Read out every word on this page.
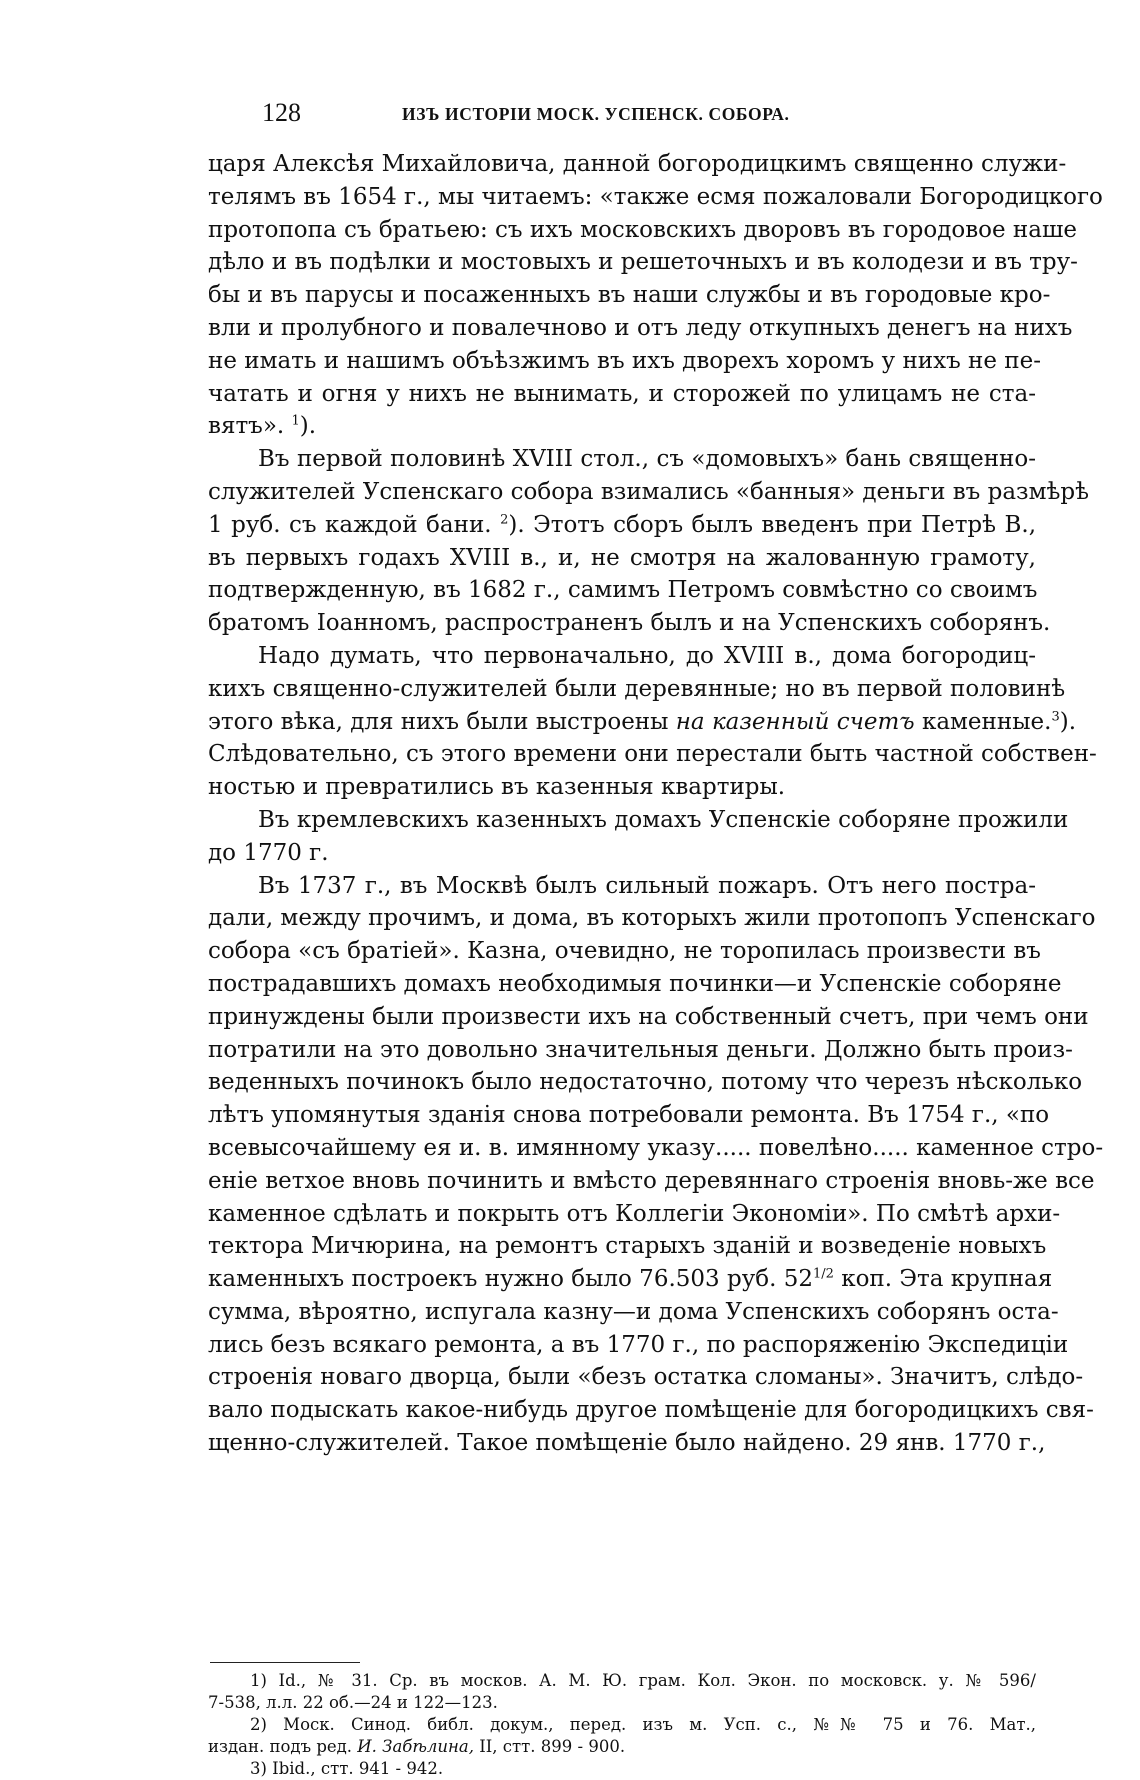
128	ИЗЪ ИСТОРІИ МОСК. УСПЕНСК. СОБОРА.
царя Алексѣя Михайловича, данной богородицкимъ священно служи-
телямъ въ 1654 г., мы читаемъ: «также есмя пожаловали Богородицкого
протопопа съ братьею: съ ихъ московскихъ дворовъ въ городовое наше
дѣло и въ подѣлки и мостовыхъ и решеточныхъ и въ колодези и въ тру-
бы и въ парусы и посаженныхъ въ наши службы и въ городовые кро-
вли и пролубного и повалечново и отъ леду откупныхъ денегъ на нихъ
не имать и нашимъ объѣзжимъ въ ихъ дворехъ хоромъ у нихъ не пе-
чатать и огня у нихъ не вынимать, и сторожей по улицамъ не ста-
вятъ». $^1$).
Въ первой половинѣ XVIII стол., съ «домовыхъ» бань священно-
служителей Успенскаго собора взимались «банныя» деньги въ размѣрѣ
1 руб. съ каждой бани. $^2$). Этотъ сборъ былъ введенъ при Петрѣ В.,
въ первыхъ годахъ XVIII в., и, не смотря на жалованную грамоту,
подтвержденную, въ 1682 г., самимъ Петромъ совмѣстно со своимъ
братомъ Іоанномъ, распространенъ былъ и на Успенскихъ соборянъ.
Надо думать, что первоначально, до XVIII в., дома богородиц-
кихъ священно-служителей были деревянные; но въ первой половинѣ
этого вѣка, для нихъ были выстроены на казенный счетъ каменные.$^3$).
Слѣдовательно, съ этого времени они перестали быть частной собствен-
ностью и превратились въ казенныя квартиры.
Въ кремлевскихъ казенныхъ домахъ Успенскіе соборяне прожили
до 1770 г.
Въ 1737 г., въ Москвѣ былъ сильный пожаръ. Отъ него постра-
дали, между прочимъ, и дома, въ которыхъ жили протопопъ Успенскаго
собора «съ братіей». Казна, очевидно, не торопилась произвести въ
пострадавшихъ домахъ необходимыя починки—и Успенскіе соборяне
принуждены были произвести ихъ на собственный счетъ, при чемъ они
потратили на это довольно значительныя деньги. Должно быть произ-
веденныхъ починокъ было недостаточно, потому что черезъ нѣсколько
лѣтъ упомянутыя зданія снова потребовали ремонта. Въ 1754 г., «по
всевысочайшему ея и. в. имянному указу..... повелѣно..... каменное стро-
еніе ветхое вновь починить и вмѣсто деревяннаго строенія вновь-же все
каменное сдѣлать и покрыть отъ Коллегіи Экономіи». По смѣтѣ архи-
тектора Мичюрина, на ремонтъ старыхъ зданій и возведеніе новыхъ
каменныхъ построекъ нужно было 76.503 руб. $52^{1/2}$ коп. Эта крупная
сумма, вѣроятно, испугала казну—и дома Успенскихъ соборянъ оста-
лись безъ всякаго ремонта, а въ 1770 г., по распоряженію Экспедиціи
строенія новаго дворца, были «безъ остатка сломаны». Значитъ, слѣдо-
вало подыскать какое-нибудь другое помѣщеніе для богородицкихъ свя-
щенно-служителей. Такое помѣщеніе было найдено. 29 янв. 1770 г.,
1) Id., № 31. Ср. въ москов. А. М. Ю. грам. Кол. Экон. по московск. у. № 596/
7-538, л.л. 22 об.—24 и 122—123.
2) Моск. Синод. библ. докум., перед. изъ м. Усп. с., №№ 75 и 76. Мат.,
издан. подъ ред. И. Забѣлина, II, стт. 899 - 900.
3) Ibid., стт. 941 - 942.
